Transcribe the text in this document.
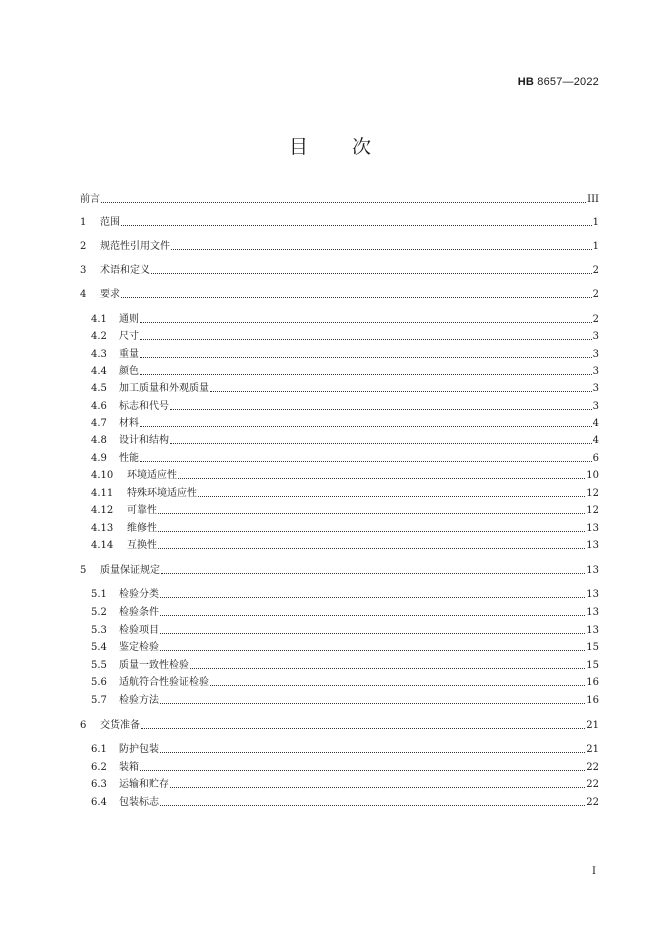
HB 8657—2022
目　　次
前言	III
1	范围	1
2	规范性引用文件	1
3	术语和定义	2
4	要求	2
4.1	通则	2
4.2	尺寸	3
4.3	重量	3
4.4	颜色	3
4.5	加工质量和外观质量	3
4.6	标志和代号	3
4.7	材料	4
4.8	设计和结构	4
4.9	性能	6
4.10	环境适应性	10
4.11	特殊环境适应性	12
4.12	可靠性	12
4.13	维修性	13
4.14	互换性	13
5	质量保证规定	13
5.1	检验分类	13
5.2	检验条件	13
5.3	检验项目	13
5.4	鉴定检验	15
5.5	质量一致性检验	15
5.6	适航符合性验证检验	16
5.7	检验方法	16
6	交货准备	21
6.1	防护包装	21
6.2	装箱	22
6.3	运输和贮存	22
6.4	包装标志	22
I
